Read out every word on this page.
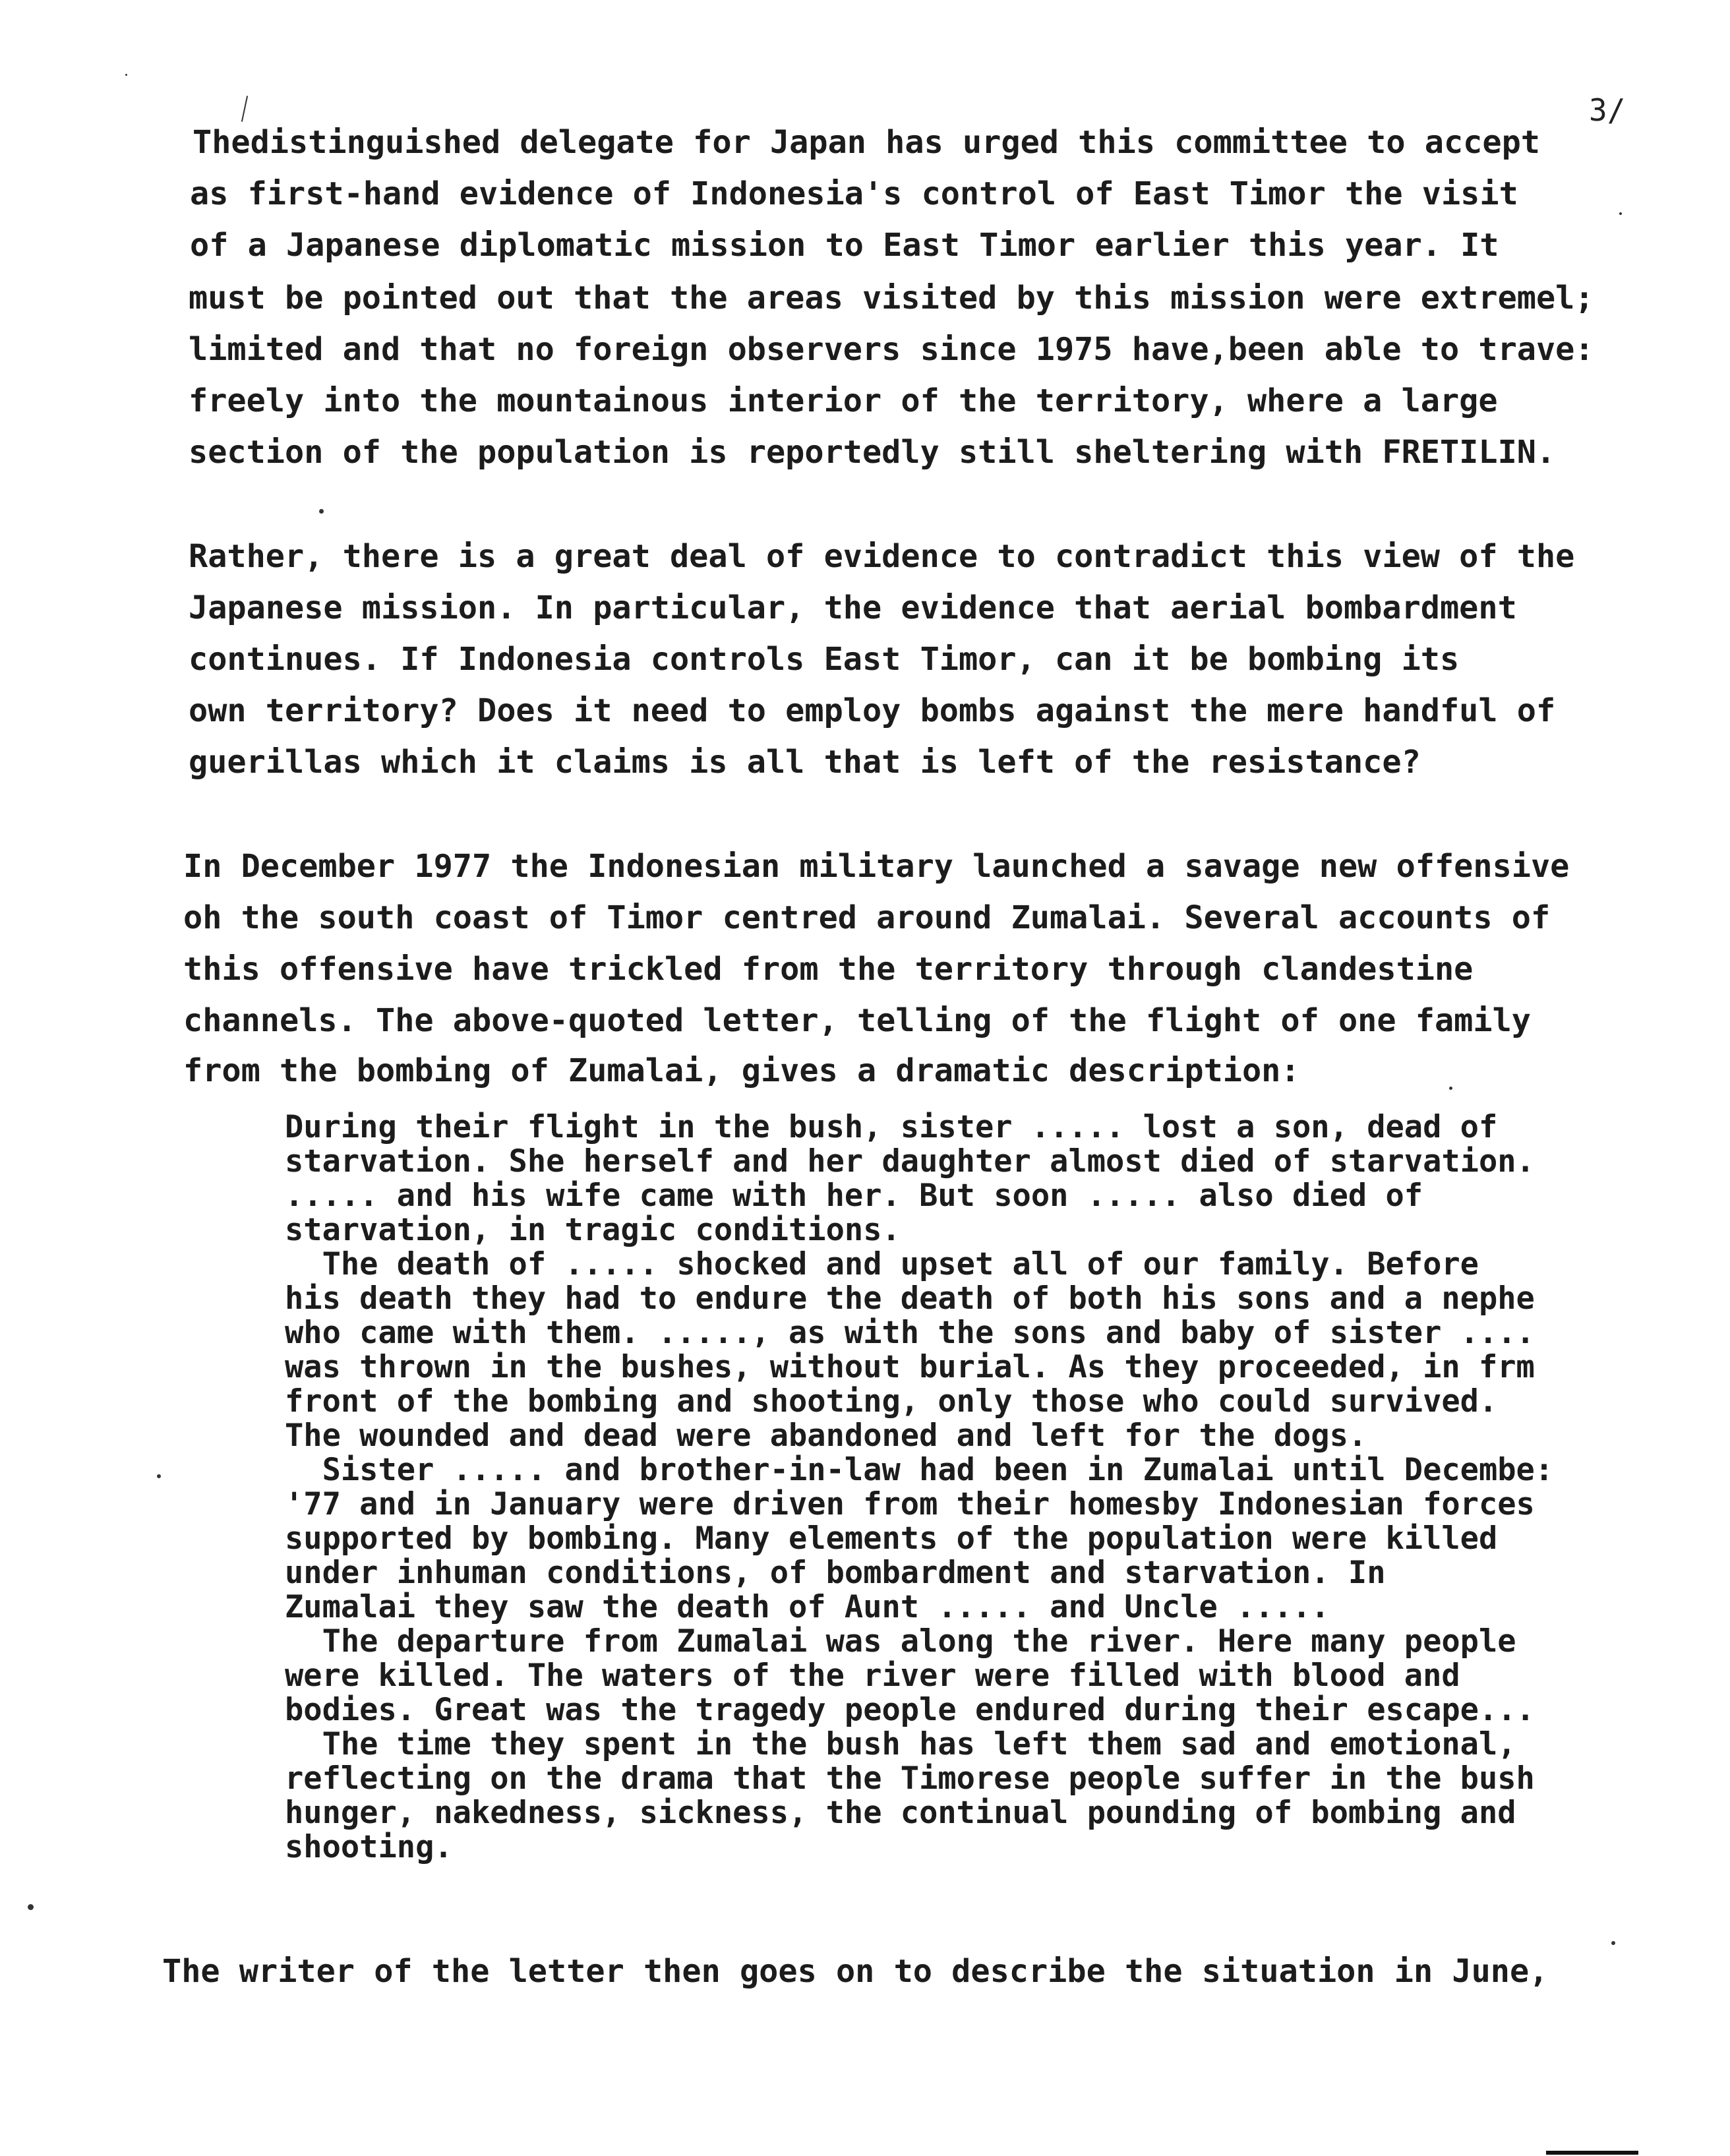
3/
Thedistinguished delegate for Japan has urged this committee to accept
as first-hand evidence of Indonesia's control of East Timor the visit
of a Japanese diplomatic mission to East Timor earlier this year. It
must be pointed out that the areas visited by this mission were extremel;
limited and that no foreign observers since 1975 have,been able to trave:
freely into the mountainous interior of the territory, where a large
section of the population is reportedly still sheltering with FRETILIN.
Rather, there is a great deal of evidence to contradict this view of the
Japanese mission. In particular, the evidence that aerial bombardment
continues. If Indonesia controls East Timor, can it be bombing its
own territory? Does it need to employ bombs against the mere handful of
guerillas which it claims is all that is left of the resistance?
In December 1977 the Indonesian military launched a savage new offensive
oh the south coast of Timor centred around Zumalai. Several accounts of
this offensive have trickled from the territory through clandestine
channels. The above-quoted letter, telling of the flight of one family
from the bombing of Zumalai, gives a dramatic description:
During their flight in the bush, sister ..... lost a son, dead of
starvation. She herself and her daughter almost died of starvation.
..... and his wife came with her. But soon ..... also died of
starvation, in tragic conditions.
The death of ..... shocked and upset all of our family. Before
his death they had to endure the death of both his sons and a nephe
who came with them. ....., as with the sons and baby of sister ....
was thrown in the bushes, without burial. As they proceeded, in frm
front of the bombing and shooting, only those who could survived.
The wounded and dead were abandoned and left for the dogs.
Sister ..... and brother-in-law had been in Zumalai until Decembe:
'77 and in January were driven from their homesby Indonesian forces
supported by bombing. Many elements of the population were killed
under inhuman conditions, of bombardment and starvation. In
Zumalai they saw the death of Aunt ..... and Uncle .....
The departure from Zumalai was along the river. Here many people
were killed. The waters of the river were filled with blood and
bodies. Great was the tragedy people endured during their escape...
The time they spent in the bush has left them sad and emotional,
reflecting on the drama that the Timorese people suffer in the bush
hunger, nakedness, sickness, the continual pounding of bombing and
shooting.
The writer of the letter then goes on to describe the situation in June,
